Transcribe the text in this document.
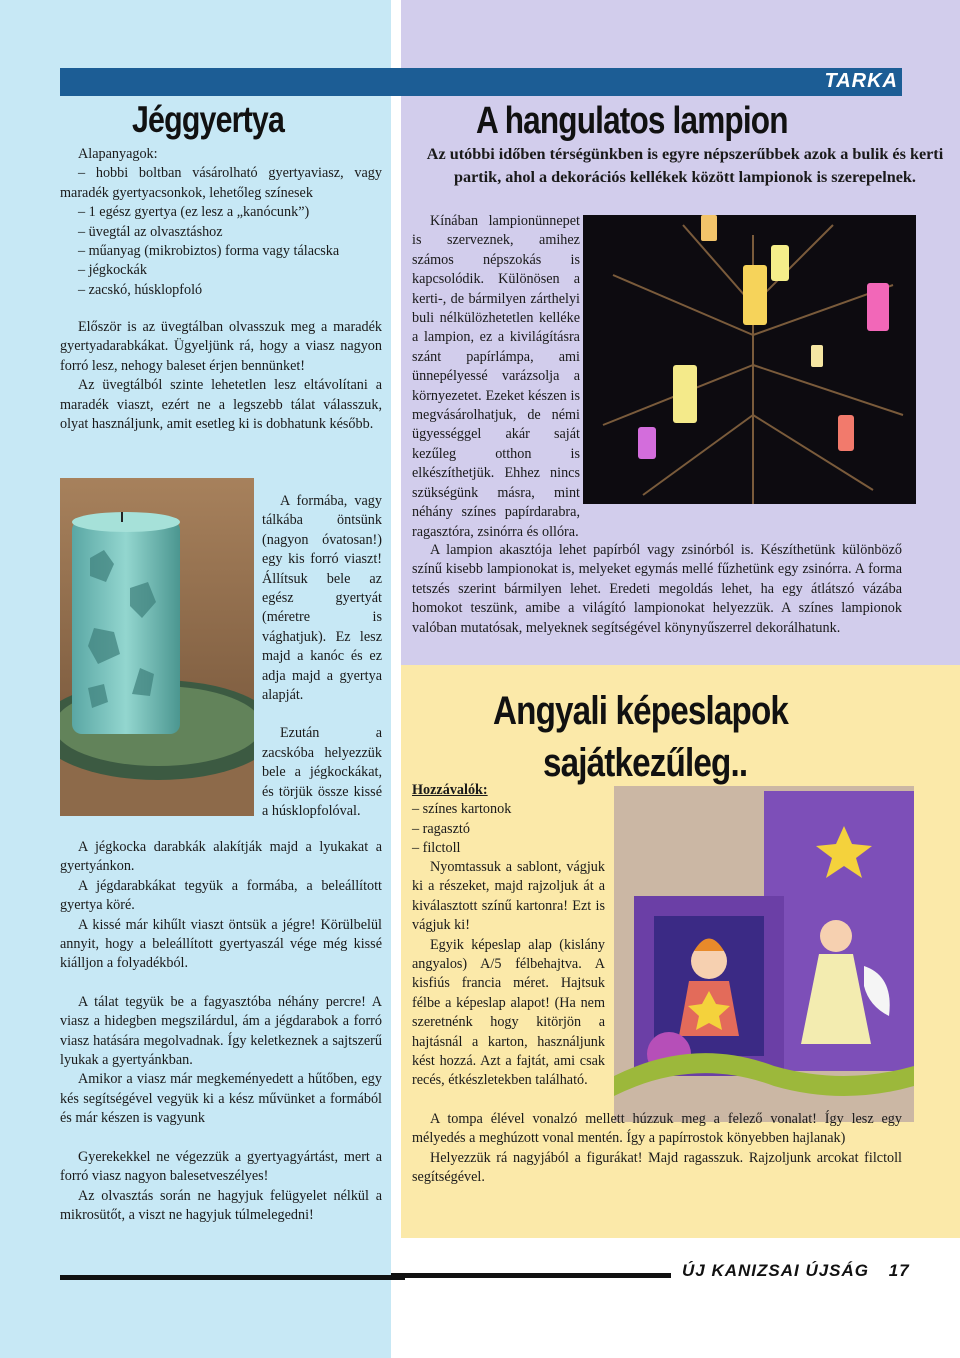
TARKA
Jéggyertya

Alapanyagok:

– hobbi boltban vásárolható gyertyaviasz, vagy maradék gyertyacsonkok, lehetőleg színesek

– 1 egész gyertya (ez lesz a „kanócunk”)

– üvegtál az olvasztáshoz

– műanyag (mikrobiztos) forma vagy tálacska

– jégkockák

– zacskó, húsklopfoló

Először is az üvegtálban olvasszuk meg a maradék gyertyadarabkákat. Ügyeljünk rá, hogy a viasz nagyon forró lesz, nehogy baleset érjen bennünket!

Az üvegtálból szinte lehetetlen lesz eltávolítani a maradék viaszt, ezért ne a legszebb tálat válasszuk, olyat használjunk, amit esetleg ki is dobhatunk később.

A formába, vagy tálkába öntsünk (nagyon óvatosan!) egy kis forró viaszt! Állítsuk bele az egész gyertyát (méretre is vághatjuk). Ez lesz majd a kanóc és ez adja majd a gyertya alapját.

Ezután a zacskóba helyezzük bele a jégkockákat, és törjük össze kissé a húsklopfolóval.

A jégkocka darabkák alakítják majd a lyukakat a gyertyánkon.

A jégdarabkákat tegyük a formába, a beleállított gyertya köré.

A kissé már kihűlt viaszt öntsük a jégre! Körülbelül annyit, hogy a beleállított gyertyaszál vége még kissé kiálljon a folyadékból.

A tálat tegyük be a fagyasztóba néhány percre! A viasz a hidegben megszilárdul, ám a jégdarabok a forró viasz hatására megolvadnak. Így keletkeznek a sajtszerű lyukak a gyertyánkban.

Amikor a viasz már megkeményedett a hűtőben, egy kés segítségével vegyük ki a kész művünket a formából és már készen is vagyunk

Gyerekekkel ne végezzük a gyertyagyártást, mert a forró viasz nagyon balesetveszélyes!

Az olvasztás során ne hagyjuk felügyelet nélkül a mikrosütőt, a viszt ne hagyjuk túlmelegedni!

A hangulatos lampion
Az utóbbi időben térségünkben is egyre népszerűbbek azok a bulik és kerti partik, ahol a dekorációs kellékek között lampionok is szerepelnek.

Kínában lampionünnepet is szerveznek, amihez számos népszokás is kapcsolódik. Különösen a kerti-, de bármilyen zárthelyi buli nélkülözhetetlen kelléke a lampion, ez a kivilágításra szánt papírlámpa, ami ünnepélyessé varázsolja a környezetet. Ezeket készen is megvásárolhatjuk, de némi ügyességgel akár saját kezűleg otthon is elkészíthetjük. Ehhez nincs szükségünk másra, mint néhány színes papírdarabra, ragasztóra, zsinórra és ollóra.

A lampion akasztója lehet papírból vagy zsinórból is. Készíthetünk különböző színű kisebb lampionokat is, melyeket egymás mellé fűzhetünk egy zsinórra. A forma tetszés szerint bármilyen lehet. Eredeti megoldás lehet, ha egy átlátszó vázába homokot teszünk, amibe a világító lampionokat helyezzük. A színes lampionok valóban mutatósak, melyeknek segítségével könynyűszerrel dekorálhatunk.

Angyali képeslapok
sajátkezűleg..

Hozzávalók:

– színes kartonok

– ragasztó

– filctoll

Nyomtassuk a sablont, vágjuk ki a részeket, majd rajzoljuk át a kiválasztott színű kartonra! Ezt is vágjuk ki!

Egyik képeslap alap (kislány angyalos) A/5 félbehajtva. A kisfiús francia méret. Hajtsuk félbe a képeslap alapot! (Ha nem szeretnénk hogy kitörjön a hajtásnál a karton, használjunk kést hozzá. Azt a fajtát, ami csak recés, étkészletekben található.

A tompa élével vonalzó mellett húzzuk meg a felező vonalat! Így lesz egy mélyedés a meghúzott vonal mentén. Így a papírrostok könyebben hajlanak)

Helyezzük rá nagyjából a figurákat! Majd ragasszuk. Rajzoljunk arcokat filctoll segítségével.

ÚJ KANIZSAI ÚJSÁG 17
